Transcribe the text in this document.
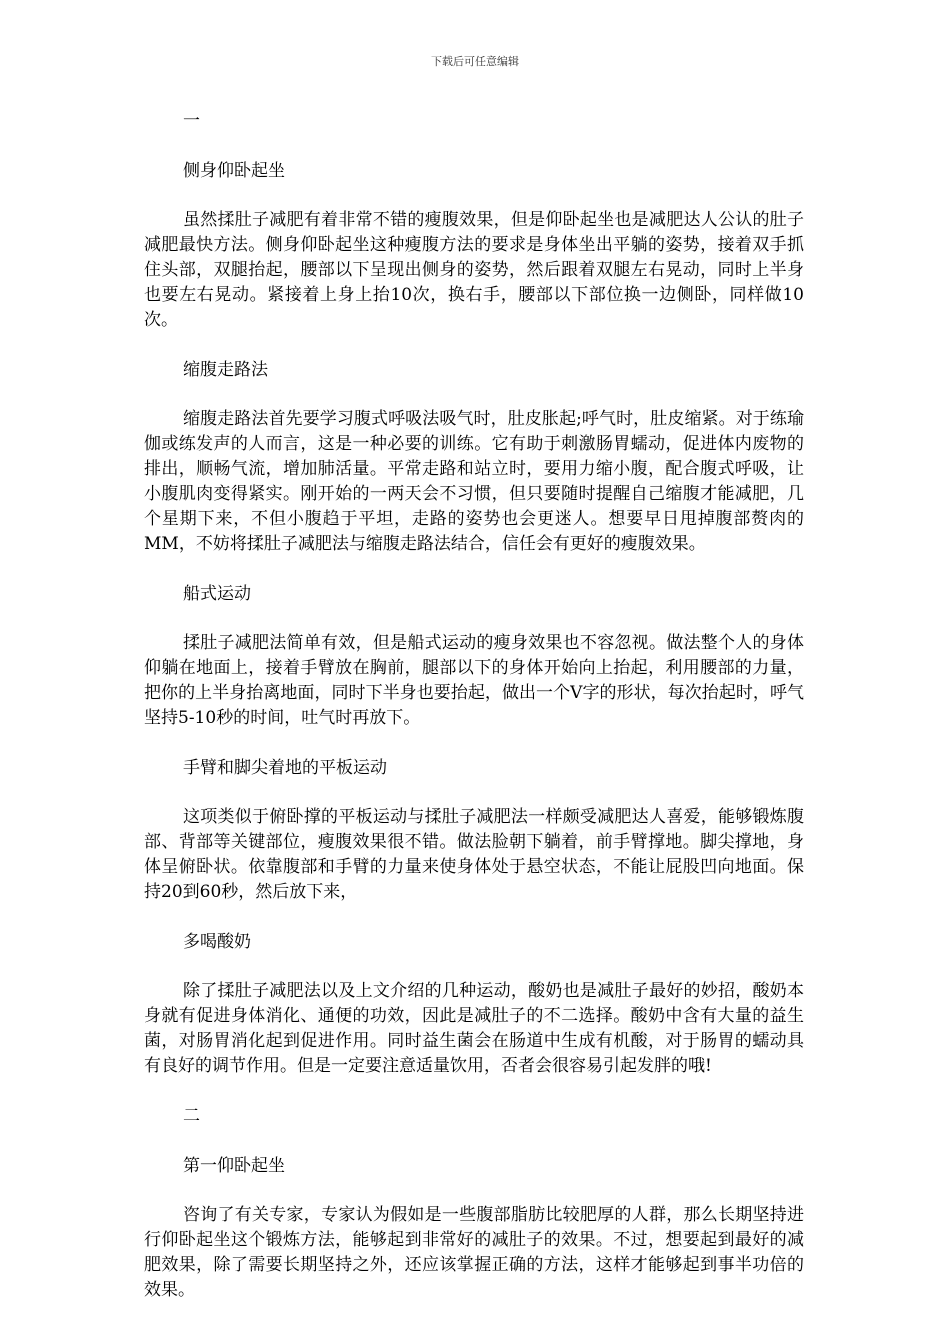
下载后可任意编辑

一

侧身仰卧起坐

虽然揉肚子减肥有着非常不错的瘦腹效果，但是仰卧起坐也是减肥达人公认的肚子减肥最快方法。侧身仰卧起坐这种瘦腹方法的要求是身体坐出平躺的姿势，接着双手抓住头部，双腿抬起，腰部以下呈现出侧身的姿势，然后跟着双腿左右晃动，同时上半身也要左右晃动。紧接着上身上抬10次，换右手，腰部以下部位换一边侧卧，同样做10次。

缩腹走路法

缩腹走路法首先要学习腹式呼吸法吸气时，肚皮胀起;呼气时，肚皮缩紧。对于练瑜伽或练发声的人而言，这是一种必要的训练。它有助于刺激肠胃蠕动，促进体内废物的排出，顺畅气流，增加肺活量。平常走路和站立时，要用力缩小腹，配合腹式呼吸，让小腹肌肉变得紧实。刚开始的一两天会不习惯，但只要随时提醒自己缩腹才能减肥，几个星期下来，不但小腹趋于平坦，走路的姿势也会更迷人。想要早日甩掉腹部赘肉的MM，不妨将揉肚子减肥法与缩腹走路法结合，信任会有更好的瘦腹效果。

船式运动

揉肚子减肥法简单有效，但是船式运动的瘦身效果也不容忽视。做法整个人的身体仰躺在地面上，接着手臂放在胸前，腿部以下的身体开始向上抬起，利用腰部的力量，把你的上半身抬离地面，同时下半身也要抬起，做出一个V字的形状，每次抬起时，呼气坚持5-10秒的时间，吐气时再放下。

手臂和脚尖着地的平板运动

这项类似于俯卧撑的平板运动与揉肚子减肥法一样颇受减肥达人喜爱，能够锻炼腹部、背部等关键部位，瘦腹效果很不错。做法脸朝下躺着，前手臂撑地。脚尖撑地，身体呈俯卧状。依靠腹部和手臂的力量来使身体处于悬空状态，不能让屁股凹向地面。保持20到60秒，然后放下来，

多喝酸奶

除了揉肚子减肥法以及上文介绍的几种运动，酸奶也是减肚子最好的妙招，酸奶本身就有促进身体消化、通便的功效，因此是减肚子的不二选择。酸奶中含有大量的益生菌，对肠胃消化起到促进作用。同时益生菌会在肠道中生成有机酸，对于肠胃的蠕动具有良好的调节作用。但是一定要注意适量饮用，否者会很容易引起发胖的哦!

二

第一仰卧起坐

咨询了有关专家，专家认为假如是一些腹部脂肪比较肥厚的人群，那么长期坚持进行仰卧起坐这个锻炼方法，能够起到非常好的减肚子的效果。不过，想要起到最好的减肥效果，除了需要长期坚持之外，还应该掌握正确的方法，这样才能够起到事半功倍的效果。
